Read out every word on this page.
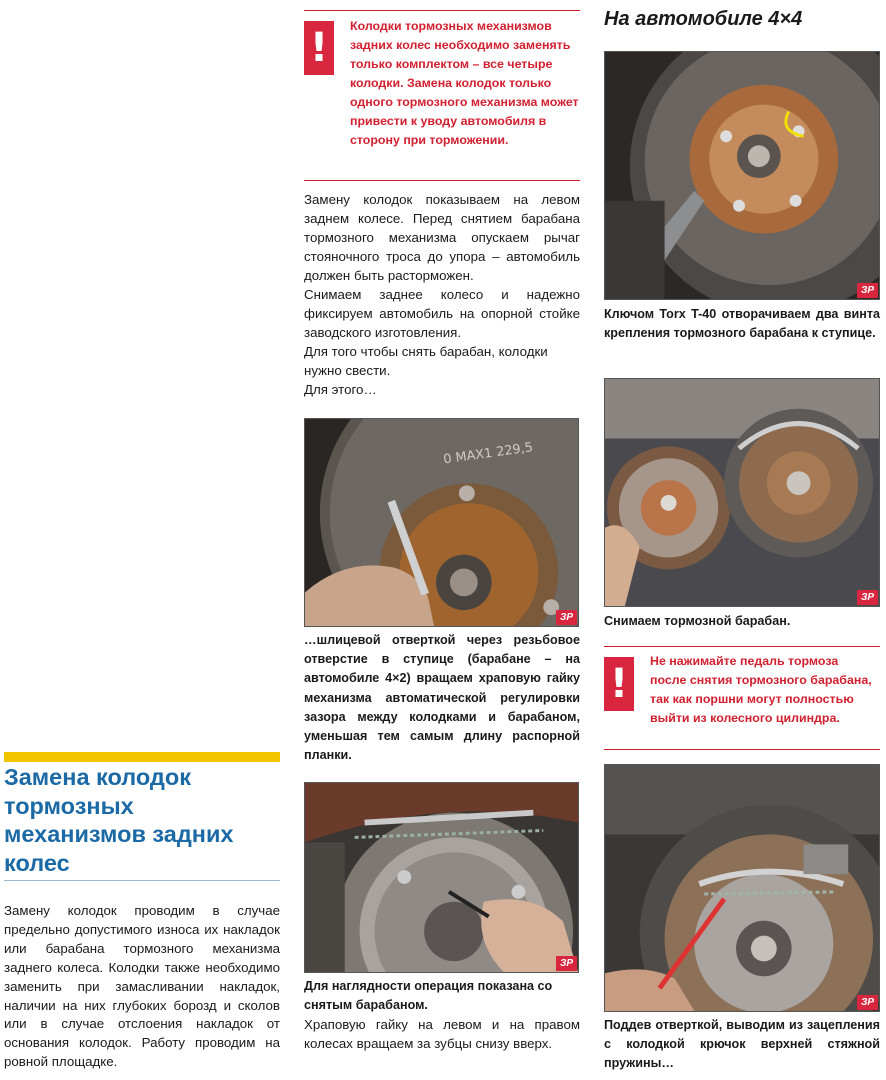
Замена колодок тормозных механизмов задних колес
Замену колодок проводим в случае предельно допустимого износа их накладок или барабана тормозного механизма заднего колеса. Колодки также необходимо заменить при замасливании накладок, наличии на них глубоких борозд и сколов или в случае отслоения накладок от основания колодок. Работу проводим на ровной площадке.
!	Колодки тормозных механизмов задних колес необходимо заменять только комплектом – все четыре колодки. Замена колодок только одного тормозного механизма может привести к уводу автомобиля в сторону при торможении.

Замену колодок показываем на левом заднем колесе. Перед снятием барабана тормозного механизма опускаем рычаг стояночного троса до упора – автомобиль должен быть расторможен.

Снимаем заднее колесо и надежно фиксируем автомобиль на опорной стойке заводского изготовления.

Для того чтобы снять барабан, колодки нужно свести.

Для этого…

0 MAX1 229,5
ЗР
…шлицевой отверткой через резьбовое отверстие в ступице (барабане – на автомобиле 4×2) вращаем храповую гайку механизма автоматической регулировки зазора между колодками и барабаном, уменьшая тем самым длину распорной планки.
ЗР

Для наглядности операция показана со снятым барабаном.

Храповую гайку на левом и на правом колесах вращаем за зубцы снизу вверх.

На автомобиле 4×4
ЗР
Ключом Torx T-40 отворачиваем два винта крепления тормозного барабана к ступице.
ЗР
Снимаем тормозной барабан.
!	Не нажимайте педаль тормоза после снятия тормозного барабана, так как поршни могут полностью выйти из колесного цилиндра.
ЗР
Поддев отверткой, выводим из зацепления с колодкой крючок верхней стяжной пружины…
